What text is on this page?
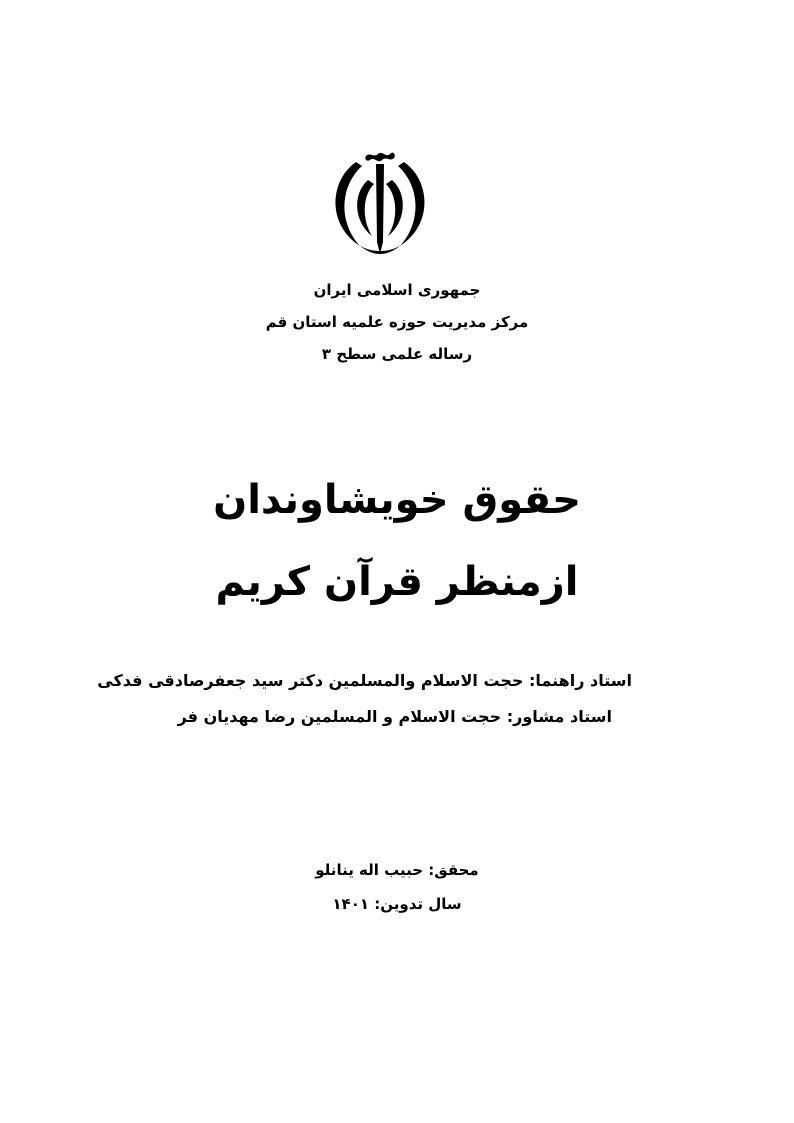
جمهوری اسلامی ایران
مرکز مدیریت حوزه علمیه استان قم
رساله علمی سطح ۳
حقوق خویشاوندان
ازمنظر قرآن کریم
استاد راهنما: حجت الاسلام والمسلمین دکتر سید جعفرصادقی فدکی
استاد مشاور: حجت الاسلام و المسلمین رضا مهدیان فر
محقق: حبیب اله ینانلو
سال تدوین: ۱۴۰۱
